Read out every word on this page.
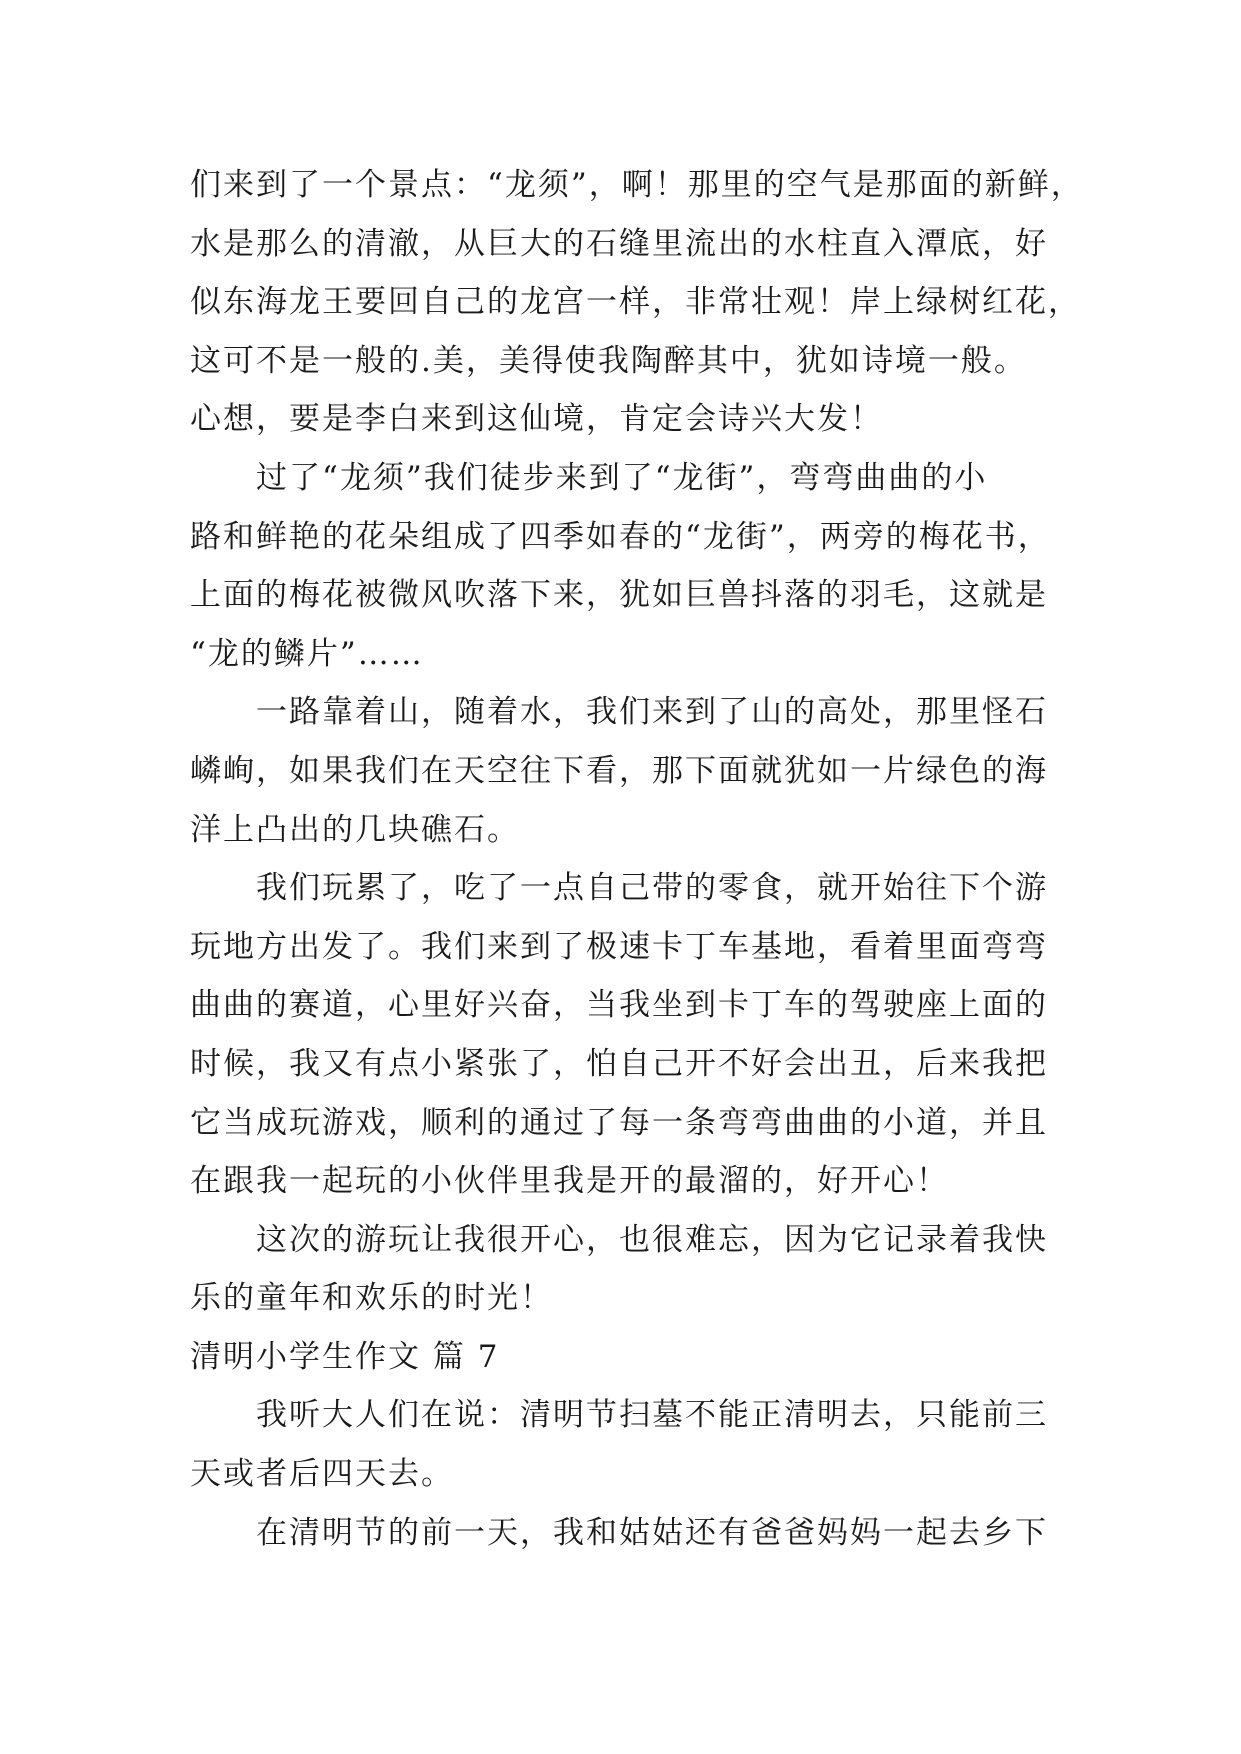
们来到了一个景点：“龙须”，啊！那里的空气是那面的新鲜，
水是那么的清澈，从巨大的石缝里流出的水柱直入潭底，好
似东海龙王要回自己的龙宫一样，非常壮观！岸上绿树红花，
这可不是一般的.美，美得使我陶醉其中，犹如诗境一般。
心想，要是李白来到这仙境，肯定会诗兴大发！
过了“龙须”我们徒步来到了“龙街”，弯弯曲曲的小
路和鲜艳的花朵组成了四季如春的“龙街”，两旁的梅花书，
上面的梅花被微风吹落下来，犹如巨兽抖落的羽毛，这就是
“龙的鳞片”……
一路靠着山，随着水，我们来到了山的高处，那里怪石
嶙峋，如果我们在天空往下看，那下面就犹如一片绿色的海
洋上凸出的几块礁石。
我们玩累了，吃了一点自己带的零食，就开始往下个游
玩地方出发了。我们来到了极速卡丁车基地，看着里面弯弯
曲曲的赛道，心里好兴奋，当我坐到卡丁车的驾驶座上面的
时候，我又有点小紧张了，怕自己开不好会出丑，后来我把
它当成玩游戏，顺利的通过了每一条弯弯曲曲的小道，并且
在跟我一起玩的小伙伴里我是开的最溜的，好开心！
这次的游玩让我很开心，也很难忘，因为它记录着我快
乐的童年和欢乐的时光！
清明小学生作文 篇 7
我听大人们在说：清明节扫墓不能正清明去，只能前三
天或者后四天去。
在清明节的前一天，我和姑姑还有爸爸妈妈一起去乡下
